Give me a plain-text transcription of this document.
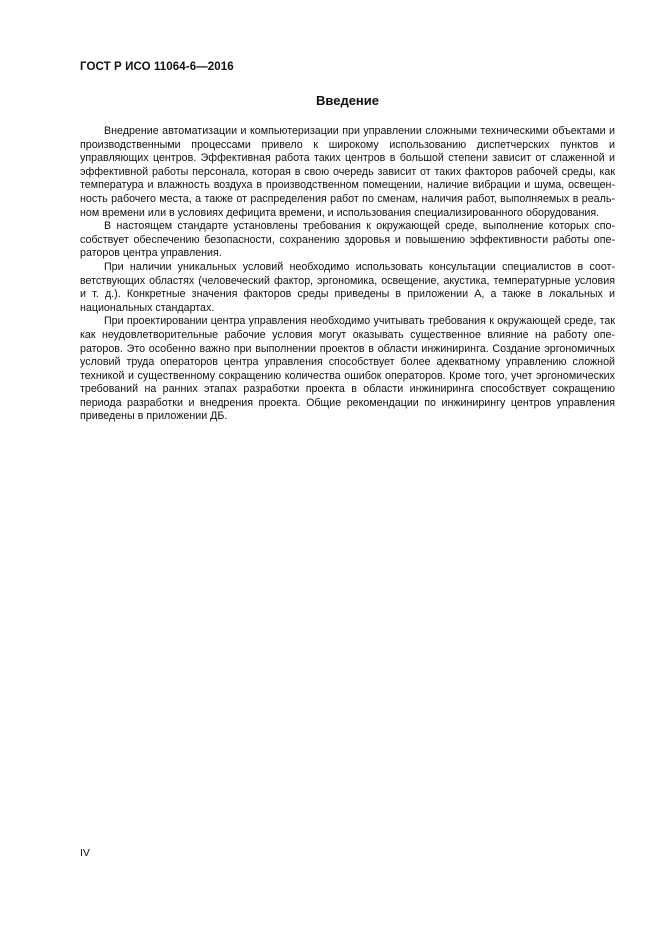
ГОСТ Р ИСО 11064-6—2016
Введение

Внедрение автоматизации и компьютеризации при управлении сложными техническими объектами и производственными процессами привело к широкому использованию диспетчерских пунктов и управляющих центров. Эффективная работа таких центров в большой степени зависит от слаженной и эффективной работы персонала, которая в свою очередь зависит от таких факторов рабочей среды, как температура и влажность воздуха в производственном помещении, наличие вибрации и шума, освещенность рабочего места, а также от распределения работ по сменам, наличия работ, выполняемых в реальном времени или в условиях дефицита времени, и использования специализированного оборудования.

В настоящем стандарте установлены требования к окружающей среде, выполнение которых способствует обеспечению безопасности, сохранению здоровья и повышению эффективности работы операторов центра управления.

При наличии уникальных условий необходимо использовать консультации специалистов в соответствующих областях (человеческий фактор, эргономика, освещение, акустика, температурные условия и т. д.). Конкретные значения факторов среды приведены в приложении А, а также в локальных и национальных стандартах.

При проектировании центра управления необходимо учитывать требования к окружающей среде, так как неудовлетворительные рабочие условия могут оказывать существенное влияние на работу операторов. Это особенно важно при выполнении проектов в области инжиниринга. Создание эргономичных условий труда операторов центра управления способствует более адекватному управлению сложной техникой и существенному сокращению количества ошибок операторов. Кроме того, учет эргономических требований на ранних этапах разработки проекта в области инжиниринга способствует сокращению периода разработки и внедрения проекта. Общие рекомендации по инжинирингу центров управления приведены в приложении ДБ.

IV
